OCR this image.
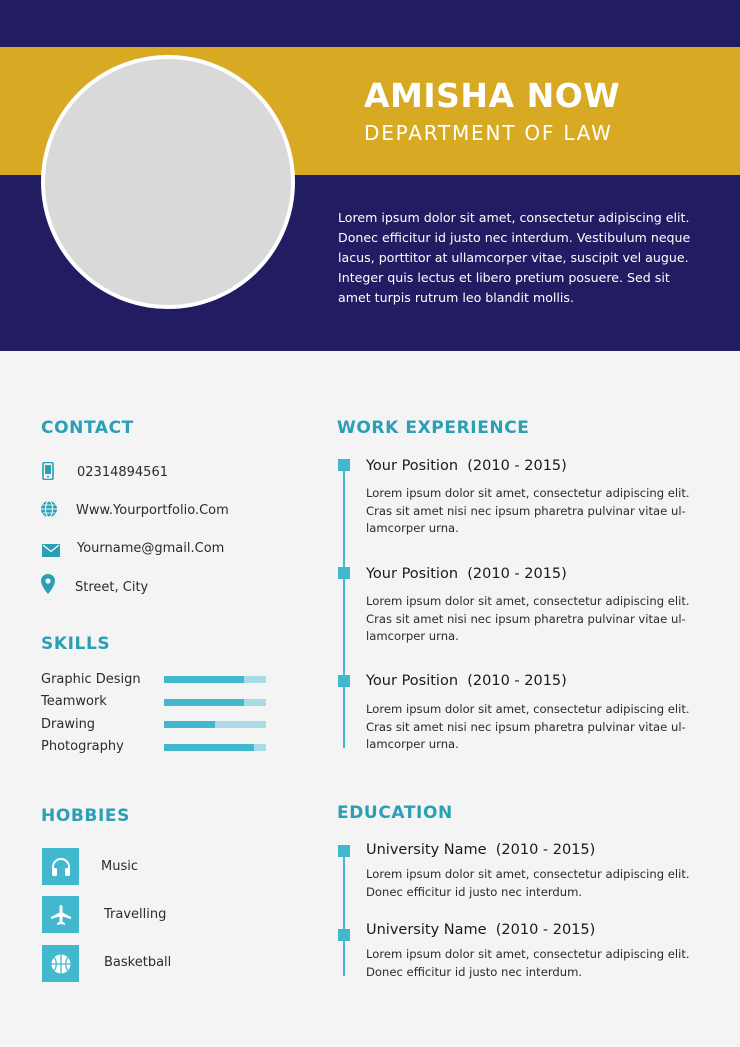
AMISHA NOW
DEPARTMENT OF LAW
Lorem ipsum dolor sit amet, consectetur adipiscing elit. Donec efficitur id justo nec interdum. Vestibulum neque lacus, porttitor at ullamcorper vitae, suscipit vel augue. Integer quis lectus et libero pretium posuere. Sed sit amet turpis rutrum leo blandit mollis.
CONTACT
02314894561
Www.Yourportfolio.Com
Yourname@gmail.Com
Street, City
SKILLS
Graphic Design
Teamwork
Drawing
Photography
HOBBIES
Music
Travelling
Basketball
WORK EXPERIENCE
Your Position (2010 - 2015)
Lorem ipsum dolor sit amet, consectetur adipiscing elit. Cras sit amet nisi nec ipsum pharetra pulvinar vitae ul-lamcorper urna.
Your Position (2010 - 2015)
Lorem ipsum dolor sit amet, consectetur adipiscing elit. Cras sit amet nisi nec ipsum pharetra pulvinar vitae ul-lamcorper urna.
Your Position (2010 - 2015)
Lorem ipsum dolor sit amet, consectetur adipiscing elit. Cras sit amet nisi nec ipsum pharetra pulvinar vitae ul-lamcorper urna.
EDUCATION
University Name (2010 - 2015)
Lorem ipsum dolor sit amet, consectetur adipiscing elit. Donec efficitur id justo nec interdum.
University Name (2010 - 2015)
Lorem ipsum dolor sit amet, consectetur adipiscing elit. Donec efficitur id justo nec interdum.
